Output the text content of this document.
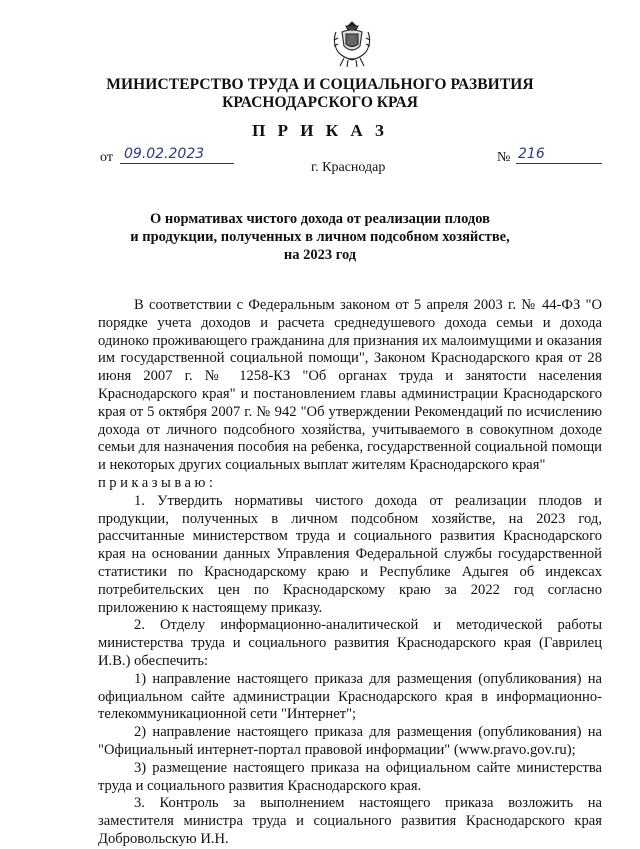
МИНИСТЕРСТВО ТРУДА И СОЦИАЛЬНОГО РАЗВИТИЯ
КРАСНОДАРСКОГО КРАЯ
П Р И К А З
от 09.02.2023
г. Краснодар
№ 216
О нормативах чистого дохода от реализации плодов
и продукции, полученных в личном подсобном хозяйстве,
на 2023 год

В соответствии с Федеральным законом от 5 апреля 2003 г. № 44-ФЗ "О порядке учета доходов и расчета среднедушевого дохода семьи и дохода одиноко проживающего гражданина для признания их малоимущими и оказания им государственной социальной помощи", Законом Краснодарского края от 28 июня 2007 г. № 1258-КЗ "Об органах труда и занятости населения Краснодарского края" и постановлением главы администрации Краснодарского края от 5 октября 2007 г. № 942 "Об утверждении Рекомендаций по исчислению дохода от личного подсобного хозяйства, учитываемого в совокупном доходе семьи для назначения пособия на ребенка, государственной социальной помощи и некоторых других социальных выплат жителям Краснодарского края"

приказываю:

1. Утвердить нормативы чистого дохода от реализации плодов и продукции, полученных в личном подсобном хозяйстве, на 2023 год, рассчитанные министерством труда и социального развития Краснодарского края на основании данных Управления Федеральной службы государственной статистики по Краснодарскому краю и Республике Адыгея об индексах потребительских цен по Краснодарскому краю за 2022 год согласно приложению к настоящему приказу.

2. Отделу информационно-аналитической и методической работы министерства труда и социального развития Краснодарского края (Гаврилец И.В.) обеспечить:

1) направление настоящего приказа для размещения (опубликования) на официальном сайте администрации Краснодарского края в информационно-телекоммуникационной сети "Интернет";

2) направление настоящего приказа для размещения (опубликования) на "Официальный интернет-портал правовой информации" (www.pravo.gov.ru);

3) размещение настоящего приказа на официальном сайте министерства труда и социального развития Краснодарского края.

3. Контроль за выполнением настоящего приказа возложить на заместителя министра труда и социального развития Краснодарского края Добровольскую И.Н.
